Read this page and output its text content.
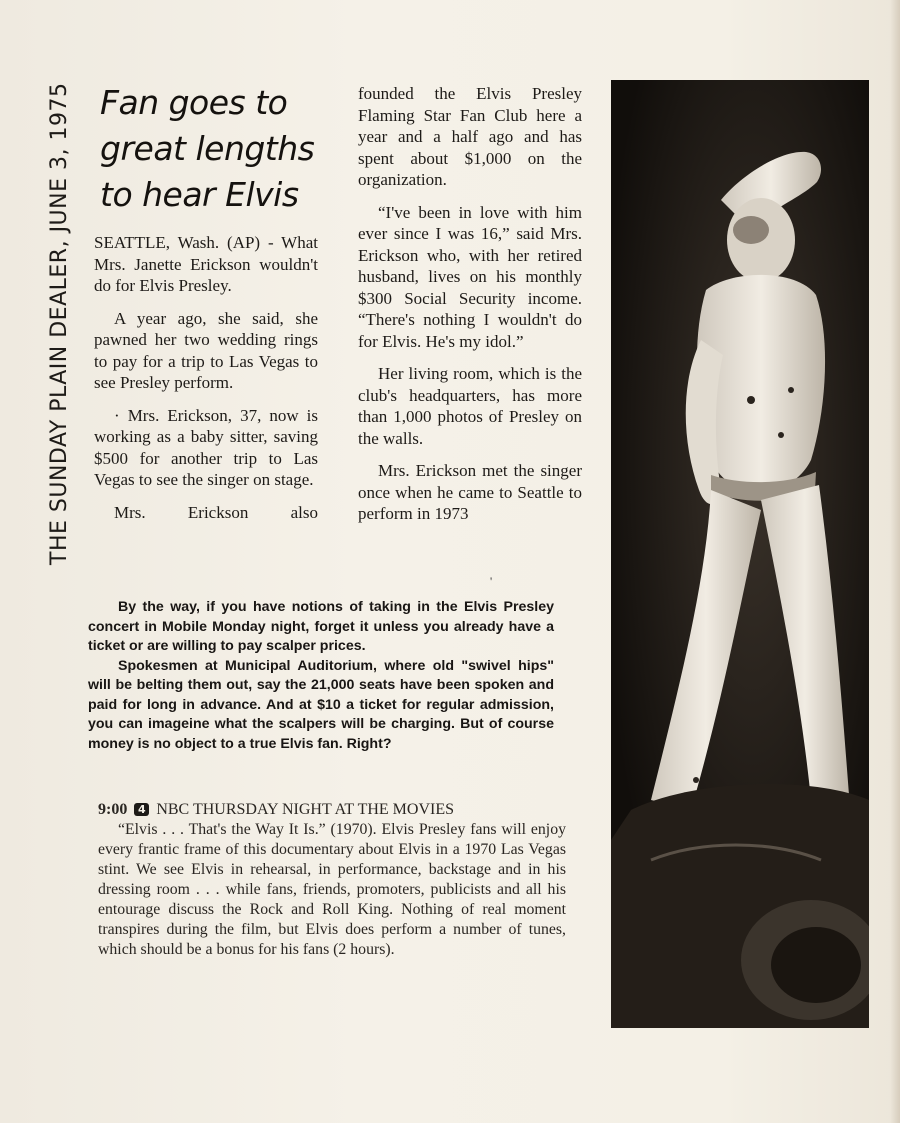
THE SUNDAY PLAIN DEALER, JUNE 3, 1975 Fan goes to
great lengths
to hear Elvis

SEATTLE, Wash. (AP) - What Mrs. Janette Erickson wouldn't do for Elvis Presley.

A year ago, she said, she pawned her two wedding rings to pay for a trip to Las Vegas to see Presley perform.

· Mrs. Erickson, 37, now is working as a baby sitter, saving $500 for another trip to Las Vegas to see the singer on stage.

Mrs. Erickson also

founded the Elvis Presley Flaming Star Fan Club here a year and a half ago and has spent about $1,000 on the organization.

“I've been in love with him ever since I was 16,” said Mrs. Erickson who, with her retired husband, lives on his monthly $300 Social Security income. “There's nothing I wouldn't do for Elvis. He's my idol.”

Her living room, which is the club's headquarters, has more than 1,000 photos of Presley on the walls.

Mrs. Erickson met the singer once when he came to Seattle to perform in 1973

By the way, if you have notions of taking in the Elvis Presley concert in Mobile Monday night, forget it unless you already have a ticket or are willing to pay scalper prices.

Spokesmen at Municipal Auditorium, where old "swivel hips" will be belting them out, say the 21,000 seats have been spoken and paid for long in advance. And at $10 a ticket for regular admission, you can imageine what the scalpers will be charging. But of course money is no object to a true Elvis fan. Right?

9:00 4 NBC THURSDAY NIGHT AT THE MOVIES

“Elvis . . . That's the Way It Is.” (1970). Elvis Presley fans will enjoy every frantic frame of this documentary about Elvis in a 1970 Las Vegas stint. We see Elvis in rehearsal, in performance, backstage and in his dressing room . . . while fans, friends, promoters, publicists and all his entourage discuss the Rock and Roll King. Nothing of real moment transpires during the film, but Elvis does perform a number of tunes, which should be a bonus for his fans (2 hours).

'
